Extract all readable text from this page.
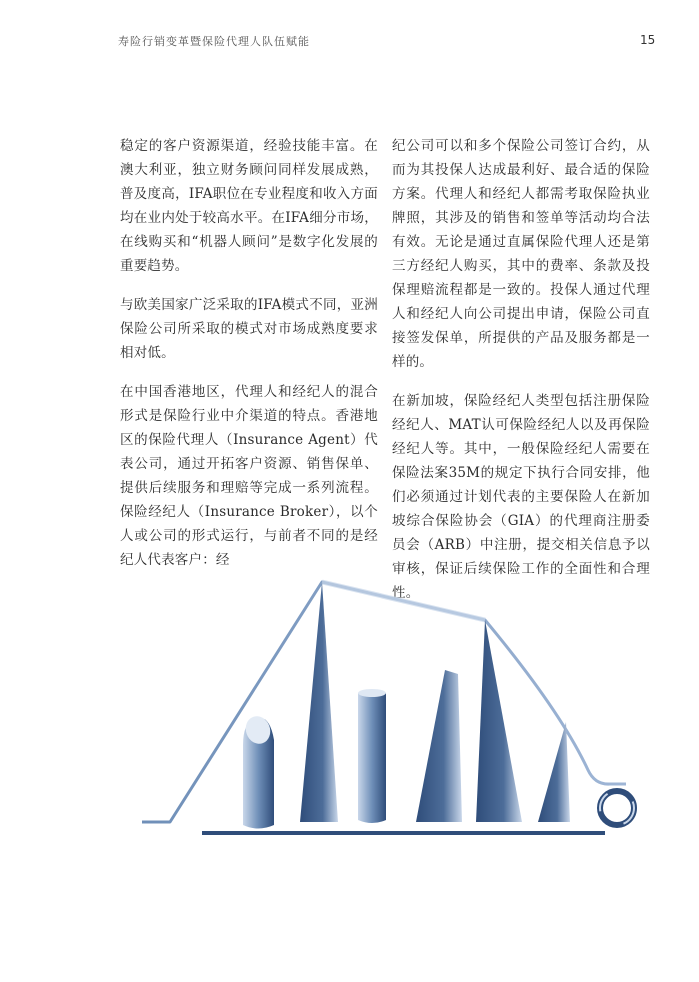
寿险行销变革暨保险代理人队伍赋能	15

稳定的客户资源渠道，经验技能丰富。在澳大利亚，独立财务顾问同样发展成熟，普及度高，IFA职位在专业程度和收入方面均在业内处于较高水平。在IFA细分市场，在线购买和“机器人顾问”是数字化发展的重要趋势。

与欧美国家广泛采取的IFA模式不同，亚洲保险公司所采取的模式对市场成熟度要求相对低。

在中国香港地区，代理人和经纪人的混合形式是保险行业中介渠道的特点。香港地区的保险代理人（Insurance Agent）代表公司，通过开拓客户资源、销售保单、提供后续服务和理赔等完成一系列流程。保险经纪人（Insurance Broker），以个人或公司的形式运行，与前者不同的是经纪人代表客户：经

纪公司可以和多个保险公司签订合约，从而为其投保人达成最利好、最合适的保险方案。代理人和经纪人都需考取保险执业牌照，其涉及的销售和签单等活动均合法有效。无论是通过直属保险代理人还是第三方经纪人购买，其中的费率、条款及投保理赔流程都是一致的。投保人通过代理人和经纪人向公司提出申请，保险公司直接签发保单，所提供的产品及服务都是一样的。

在新加坡，保险经纪人类型包括注册保险经纪人、MAT认可保险经纪人以及再保险经纪人等。其中，一般保险经纪人需要在保险法案35M的规定下执行合同安排，他们必须通过计划代表的主要保险人在新加坡综合保险协会（GIA）的代理商注册委员会（ARB）中注册，提交相关信息予以审核，保证后续保险工作的全面性和合理性。
